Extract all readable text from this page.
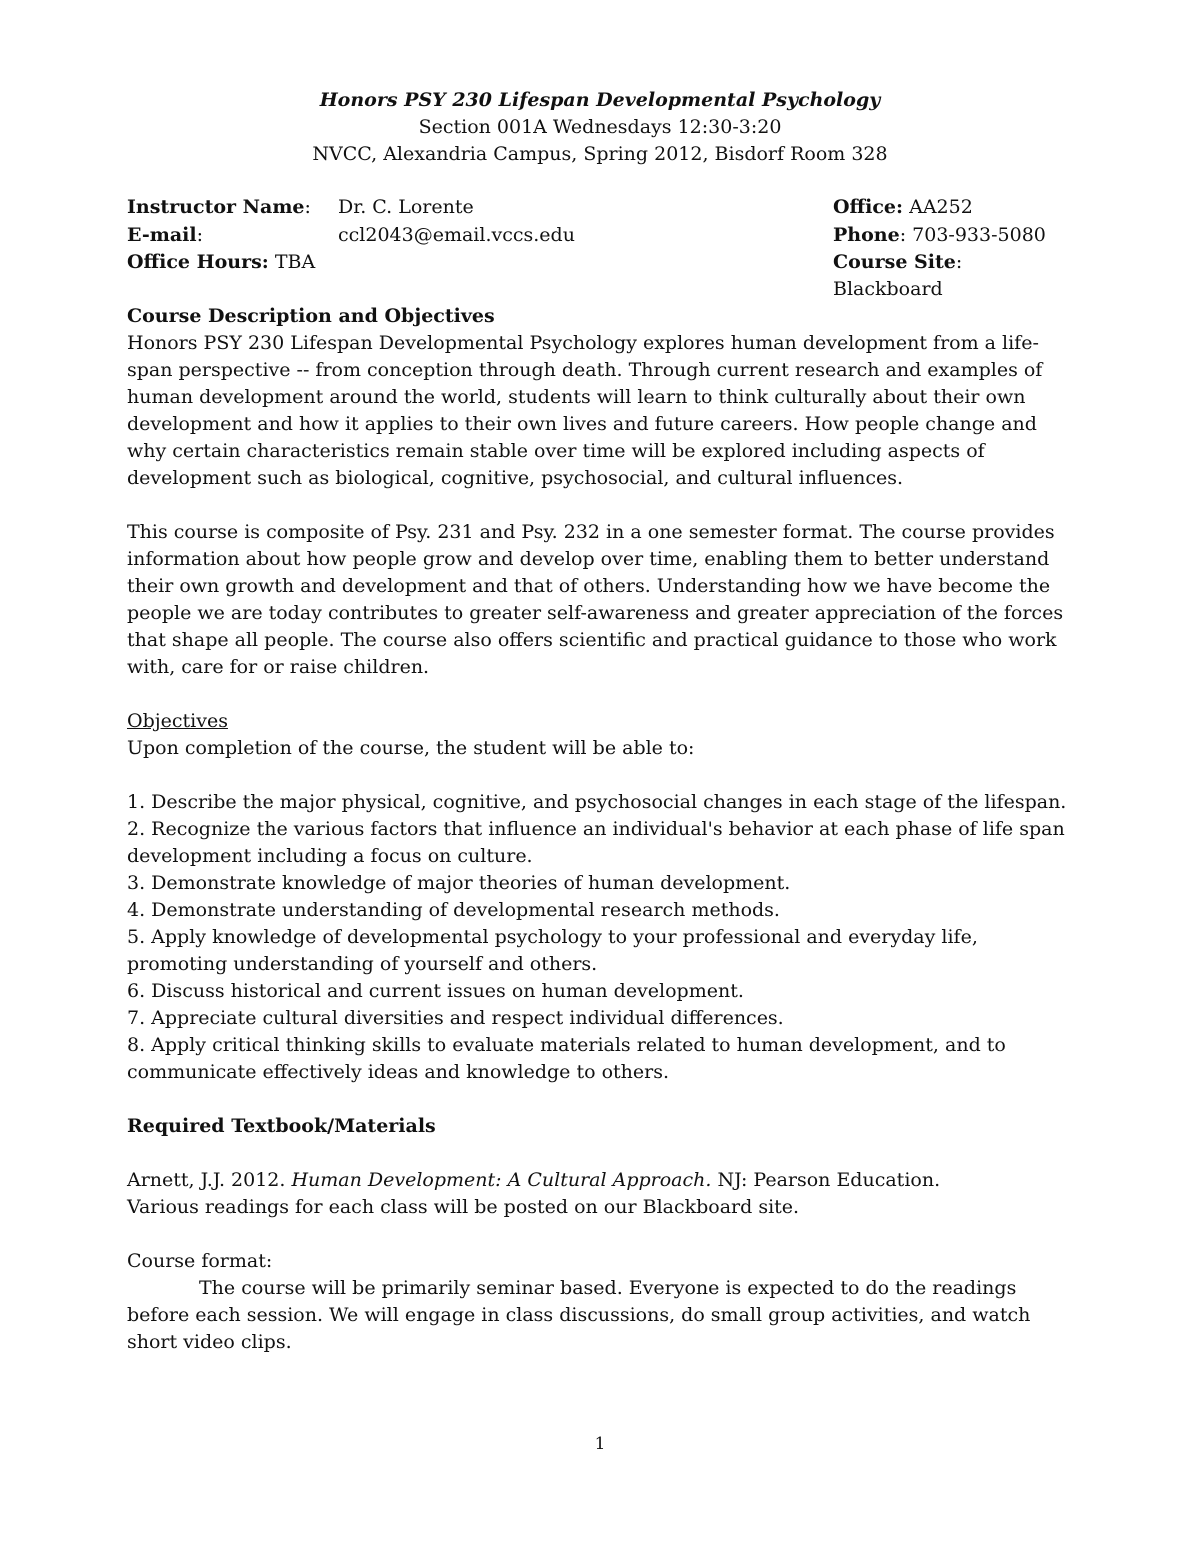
Honors PSY 230 Lifespan Developmental Psychology
Section 001A Wednesdays 12:30-3:20
NVCC, Alexandria Campus, Spring 2012, Bisdorf Room 328
Instructor Name: Dr. C. Lorente	Office: AA252
E-mail:	ccl2043@email.vccs.edu	Phone: 703-933-5080
Office Hours: TBA	Course Site: Blackboard

Course Description and Objectives

Honors PSY 230 Lifespan Developmental Psychology explores human development from a life-span perspective -- from conception through death. Through current research and examples of human development around the world, students will learn to think culturally about their own development and how it applies to their own lives and future careers. How people change and why certain characteristics remain stable over time will be explored including aspects of development such as biological, cognitive, psychosocial, and cultural influences.

This course is composite of Psy. 231 and Psy. 232 in a one semester format. The course provides information about how people grow and develop over time, enabling them to better understand their own growth and development and that of others. Understanding how we have become the people we are today contributes to greater self-awareness and greater appreciation of the forces that shape all people. The course also offers scientific and practical guidance to those who work with, care for or raise children.

Objectives

Upon completion of the course, the student will be able to:

1. Describe the major physical, cognitive, and psychosocial changes in each stage of the lifespan.

2. Recognize the various factors that influence an individual's behavior at each phase of life span development including a focus on culture.

3. Demonstrate knowledge of major theories of human development.

4. Demonstrate understanding of developmental research methods.

5. Apply knowledge of developmental psychology to your professional and everyday life, promoting understanding of yourself and others.

6. Discuss historical and current issues on human development.

7. Appreciate cultural diversities and respect individual differences.

8. Apply critical thinking skills to evaluate materials related to human development, and to communicate effectively ideas and knowledge to others.

Required Textbook/Materials

Arnett, J.J. 2012. Human Development: A Cultural Approach. NJ: Pearson Education.

Various readings for each class will be posted on our Blackboard site.

Course format:

The course will be primarily seminar based. Everyone is expected to do the readings before each session. We will engage in class discussions, do small group activities, and watch short video clips.

1
